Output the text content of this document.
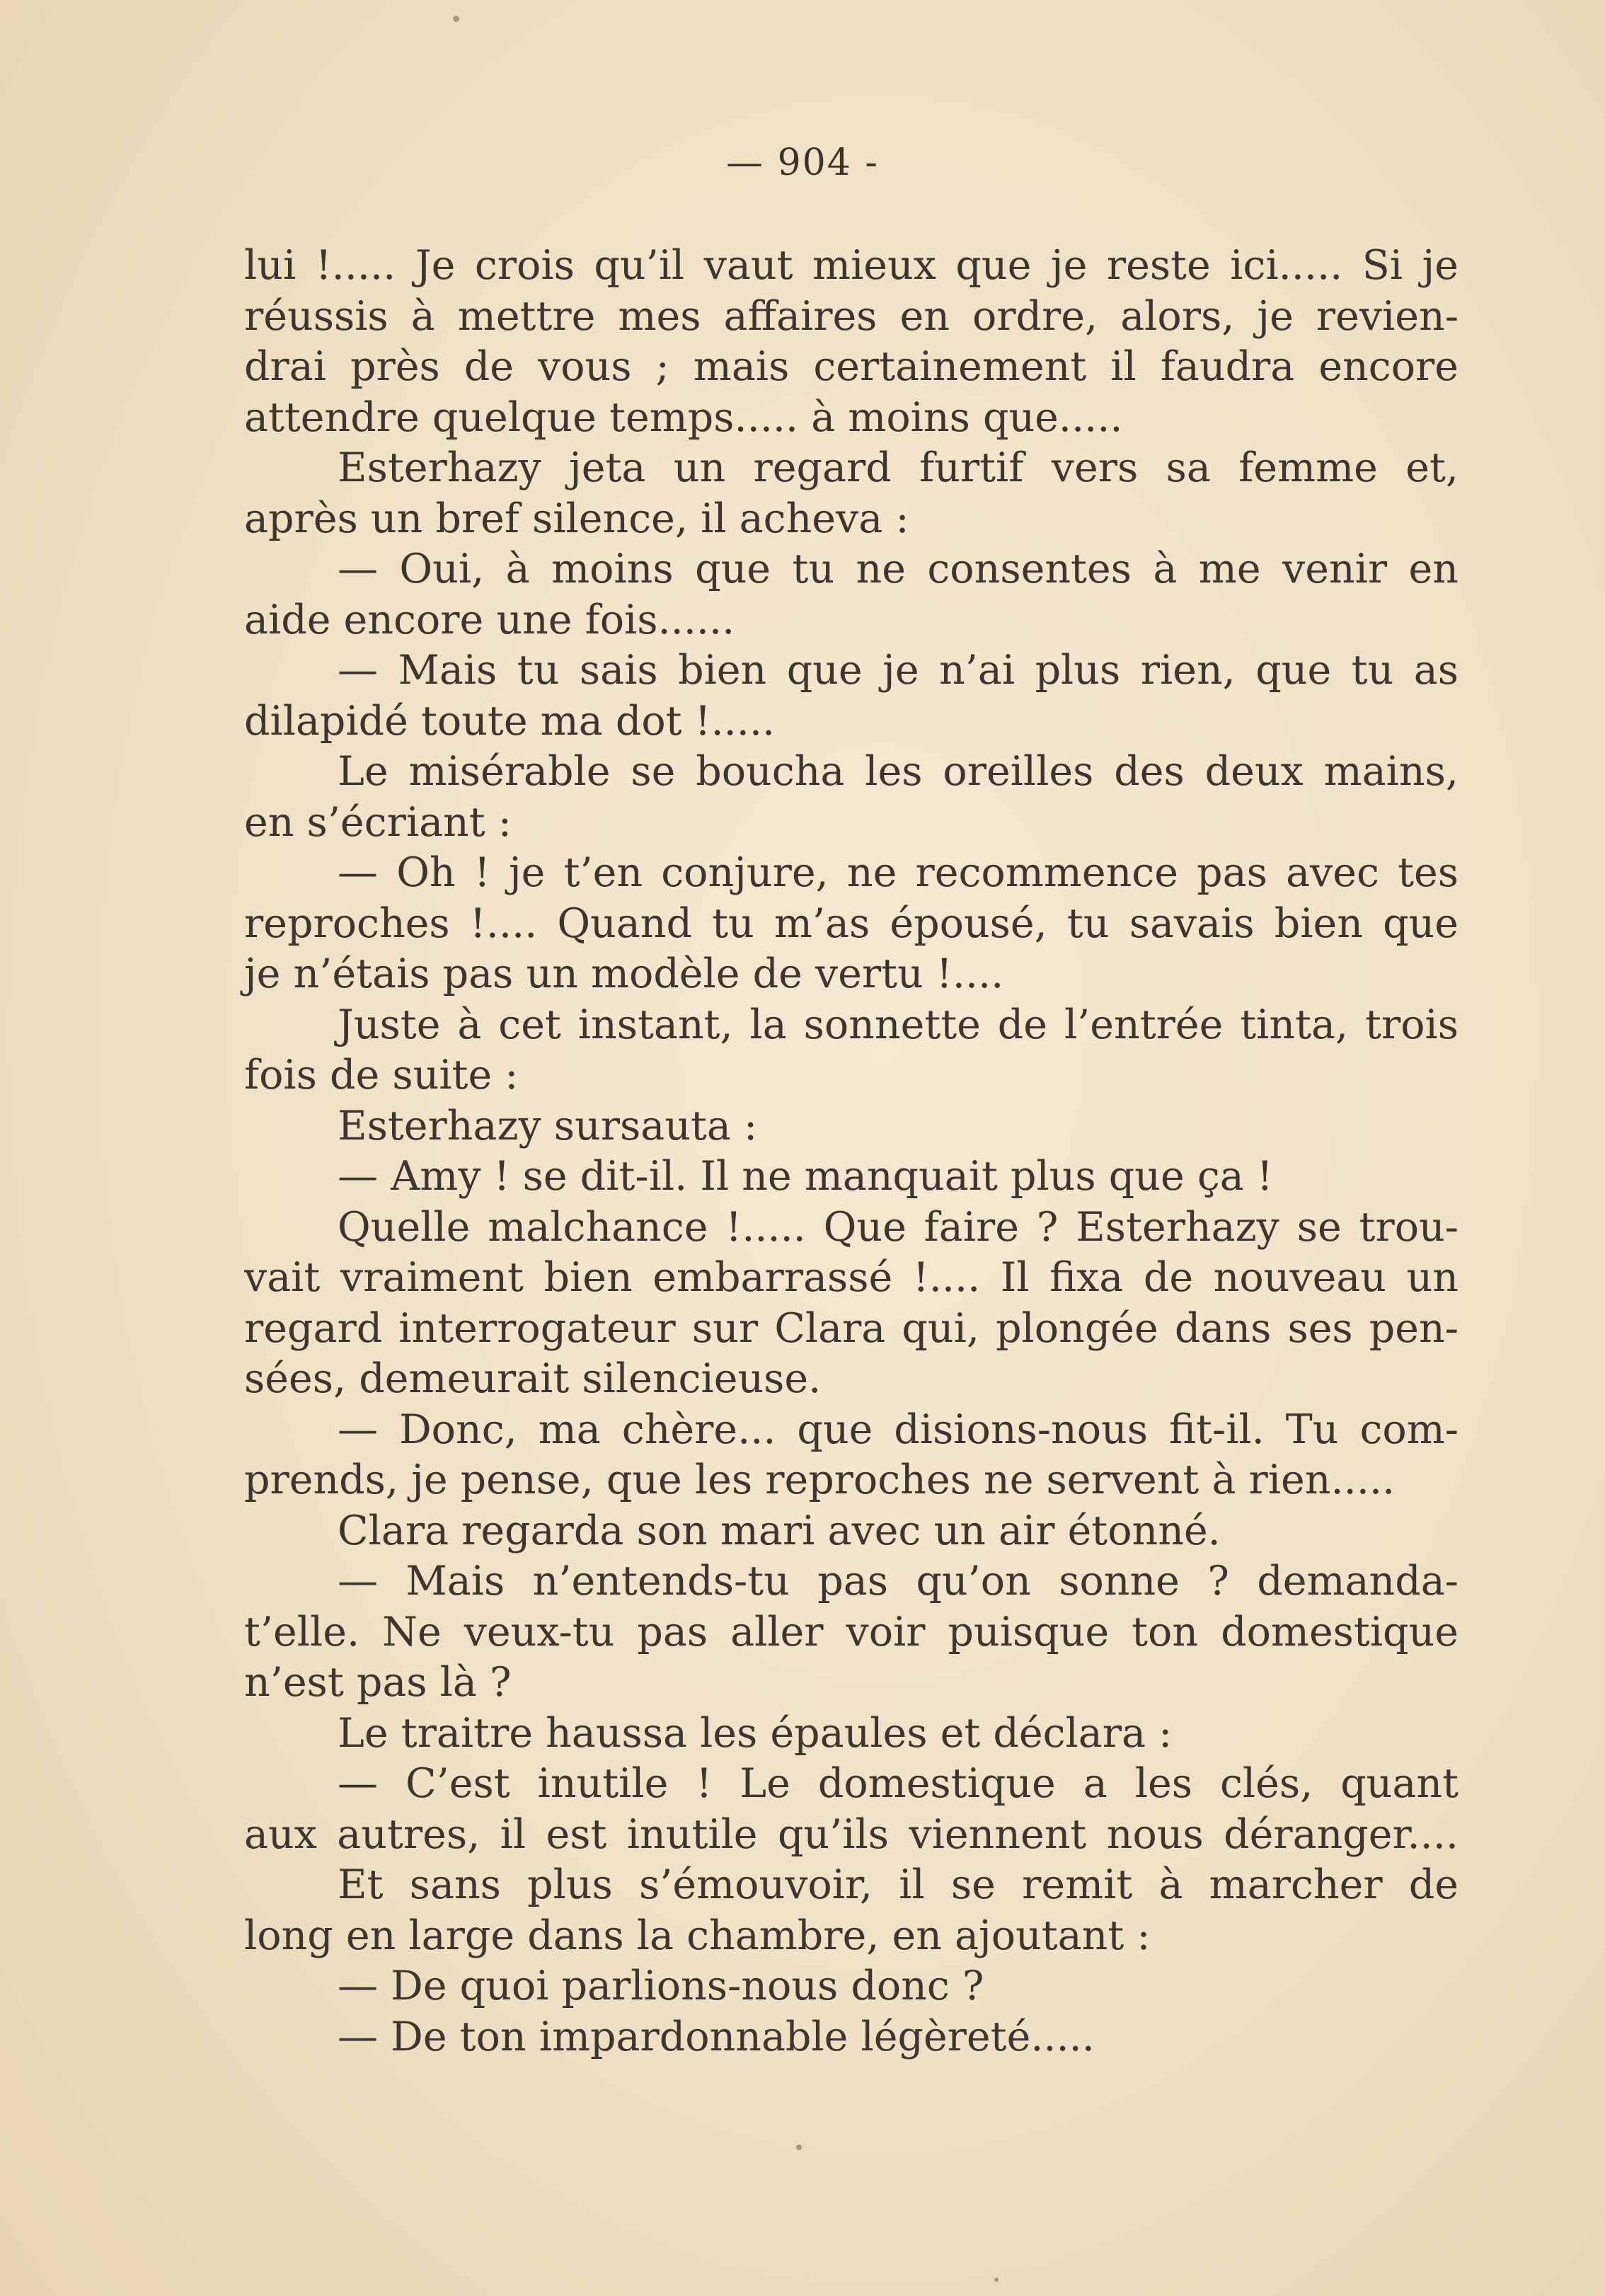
— 904 -
lui !..... Je crois qu’il vaut mieux que je reste ici..... Si je
réussis à mettre mes affaires en ordre, alors, je revien-
drai près de vous ; mais certainement il faudra encore
attendre quelque temps..... à moins que.....
Esterhazy jeta un regard furtif vers sa femme et,
après un bref silence, il acheva :
— Oui, à moins que tu ne consentes à me venir en
aide encore une fois......
— Mais tu sais bien que je n’ai plus rien, que tu as
dilapidé toute ma dot !.....
Le misérable se boucha les oreilles des deux mains,
en s’écriant :
— Oh ! je t’en conjure, ne recommence pas avec tes
reproches !.... Quand tu m’as épousé, tu savais bien que
je n’étais pas un modèle de vertu !....
Juste à cet instant, la sonnette de l’entrée tinta, trois
fois de suite :
Esterhazy sursauta :
— Amy ! se dit-il. Il ne manquait plus que ça !
Quelle malchance !..... Que faire ? Esterhazy se trou-
vait vraiment bien embarrassé !.... Il fixa de nouveau un
regard interrogateur sur Clara qui, plongée dans ses pen-
sées, demeurait silencieuse.
— Donc, ma chère... que disions-nous fit-il. Tu com-
prends, je pense, que les reproches ne servent à rien.....
Clara regarda son mari avec un air étonné.
— Mais n’entends-tu pas qu’on sonne ? demanda-
t’elle. Ne veux-tu pas aller voir puisque ton domestique
n’est pas là ?
Le traitre haussa les épaules et déclara :
— C’est inutile ! Le domestique a les clés, quant
aux autres, il est inutile qu’ils viennent nous déranger....
Et sans plus s’émouvoir, il se remit à marcher de
long en large dans la chambre, en ajoutant :
— De quoi parlions-nous donc ?
— De ton impardonnable légèreté.....
